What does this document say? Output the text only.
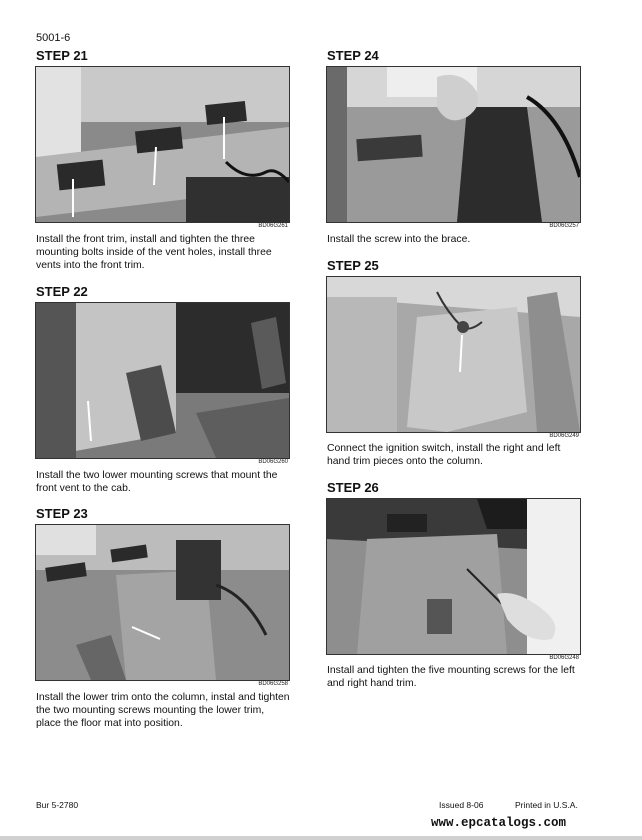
5001-6
STEP 21
BD06G261
Install the front trim, install and tighten the three mounting bolts inside of the vent holes, install three vents into the front trim.
STEP 22
BD06G260
Install the two lower mounting screws that mount the front vent to the cab.
STEP 23
BD06G258
Install the lower trim onto the column, instal and tighten the two mounting screws mounting the lower trim, place the floor mat into position.
STEP 24
BD06G257
Install the screw into the brace.
STEP 25
BD06G249
Connect the ignition switch, install the right and left hand trim pieces onto the column.
STEP 26
BD06G248
Install and tighten the five mounting screws for the left and right hand trim.
Bur 5-2780	Issued 8-06	Printed in U.S.A.
www.epcatalogs.com
